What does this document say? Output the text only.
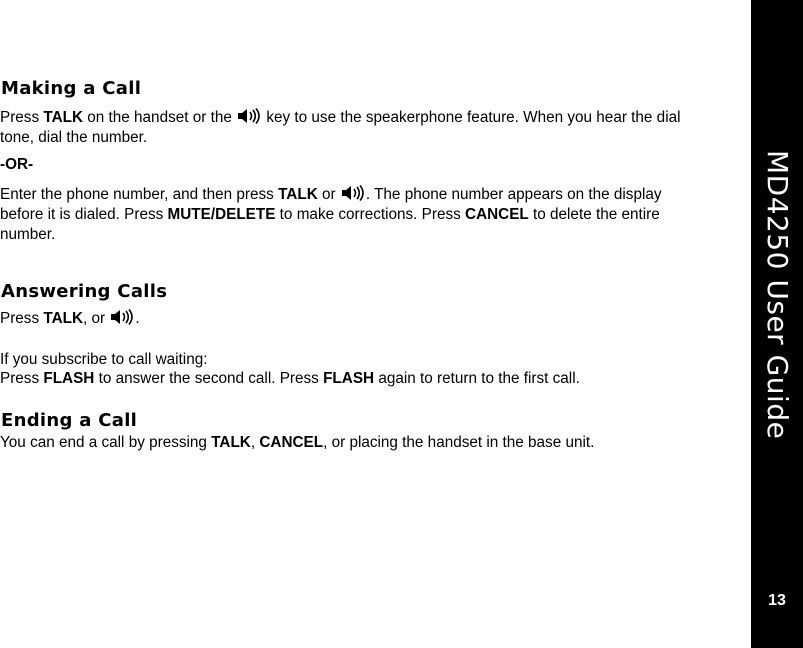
Making a Call

Press TALK on the handset or the
key to use the speakerphone feature. When you hear the dial tone, dial the number.

-OR-

Enter the phone number, and then press TALK or
. The phone number appears on the display before it is dialed. Press MUTE/DELETE to make corrections. Press CANCEL to delete the entire number.

Answering Calls

Press TALK, or
.

If you subscribe to call waiting:

Press FLASH to answer the second call. Press FLASH again to return to the first call.

Ending a Call

You can end a call by pressing TALK, CANCEL, or placing the handset in the base unit.

MD4250 User Guide
13
